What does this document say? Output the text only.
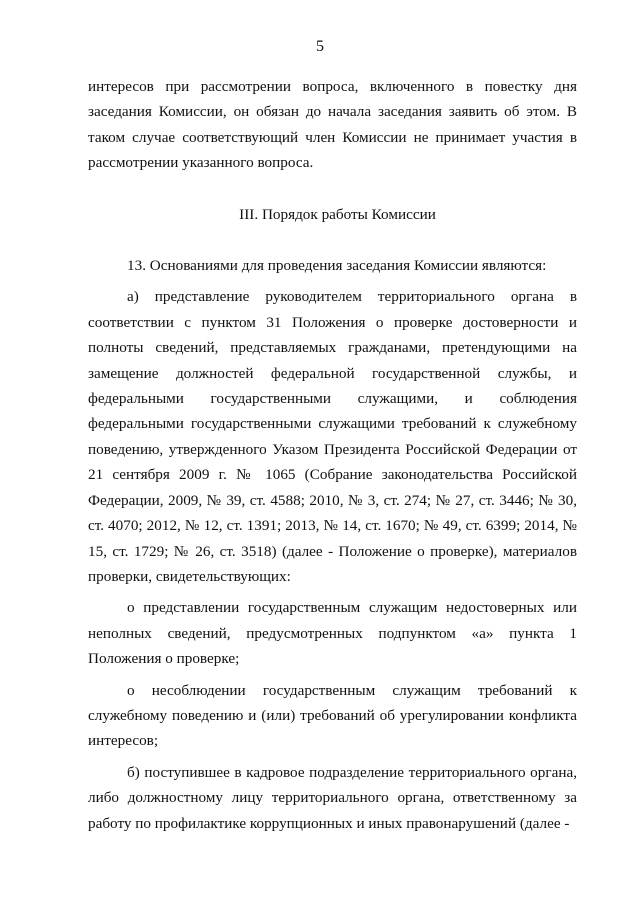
5

интересов при рассмотрении вопроса, включенного в повестку дня заседания Комиссии, он обязан до начала заседания заявить об этом. В таком случае соответствующий член Комиссии не принимает участия в рассмотрении указанного вопроса.

III. Порядок работы Комиссии

13. Основаниями для проведения заседания Комиссии являются:

а) представление руководителем территориального органа в соответствии с пунктом 31 Положения о проверке достоверности и полноты сведений, представляемых гражданами, претендующими на замещение должностей федеральной государственной службы, и федеральными государственными служащими, и соблюдения федеральными государственными служащими требований к служебному поведению, утвержденного Указом Президента Российской Федерации от 21 сентября 2009 г. № 1065 (Собрание законодательства Российской Федерации, 2009, № 39, ст. 4588; 2010, № 3, ст. 274; № 27, ст. 3446; № 30, ст. 4070; 2012, № 12, ст. 1391; 2013, № 14, ст. 1670; № 49, ст. 6399; 2014, № 15, ст. 1729; № 26, ст. 3518) (далее - Положение о проверке), материалов проверки, свидетельствующих:

о представлении государственным служащим недостоверных или неполных сведений, предусмотренных подпунктом «а» пункта 1 Положения о проверке;

о несоблюдении государственным служащим требований к служебному поведению и (или) требований об урегулировании конфликта интересов;

б) поступившее в кадровое подразделение территориального органа, либо должностному лицу территориального органа, ответственному за работу по профилактике коррупционных и иных правонарушений (далее -
